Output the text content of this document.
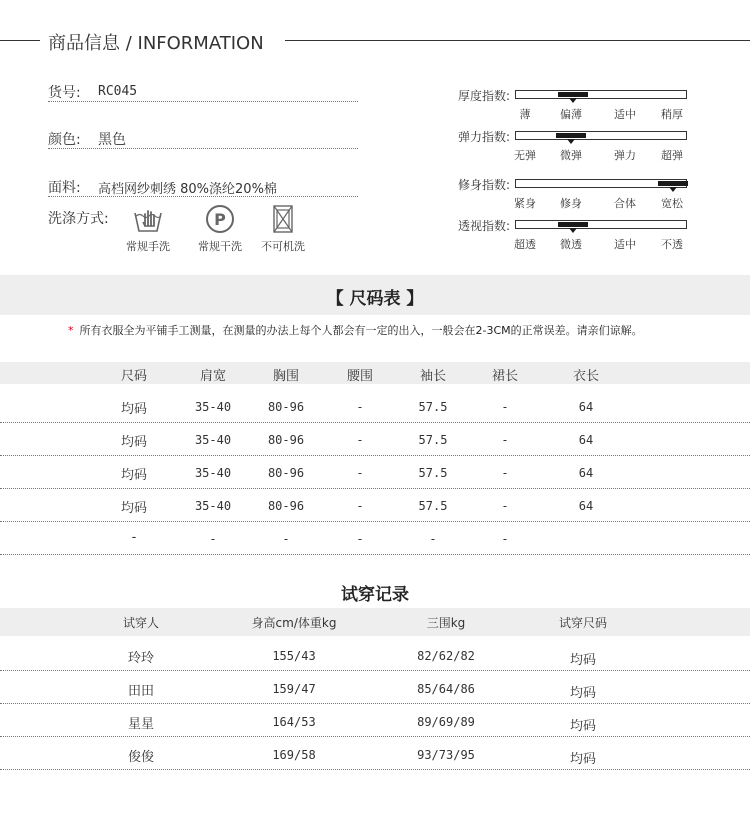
商品信息 / INFORMATION
货号: RC045
颜色: 黑色
面料: 高档网纱刺绣 80%涤纶20%棉
洗涤方式:
常规手洗
P
常规干洗	不可机洗
厚度指数:
薄	偏薄	适中 稍厚
弹力指数:
无弹 微弹	弹力 超弹
修身指数:
紧身 修身	合体 宽松
透视指数:
超透 微透	适中 不透
【 尺码表 】
* 所有衣服全为平铺手工测量，在测量的办法上每个人都会有一定的出入，一般会在2-3CM的正常误差。请亲们谅解。
尺码	肩宽	胸围	腰围	袖长	裙长	衣长
均码	35-40	80-96	-	57.5	-	64
均码	35-40	80-96	-	57.5	-	64
均码	35-40	80-96	-	57.5	-	64
均码	35-40	80-96	-	57.5	-	64
-	-	-	-	-	-
试穿记录
试穿人	身高cm/体重kg	三围kg	试穿尺码
玲玲	155/43	82/62/82	均码
田田	159/47	85/64/86	均码
星星	164/53	89/69/89	均码
俊俊	169/58	93/73/95	均码
